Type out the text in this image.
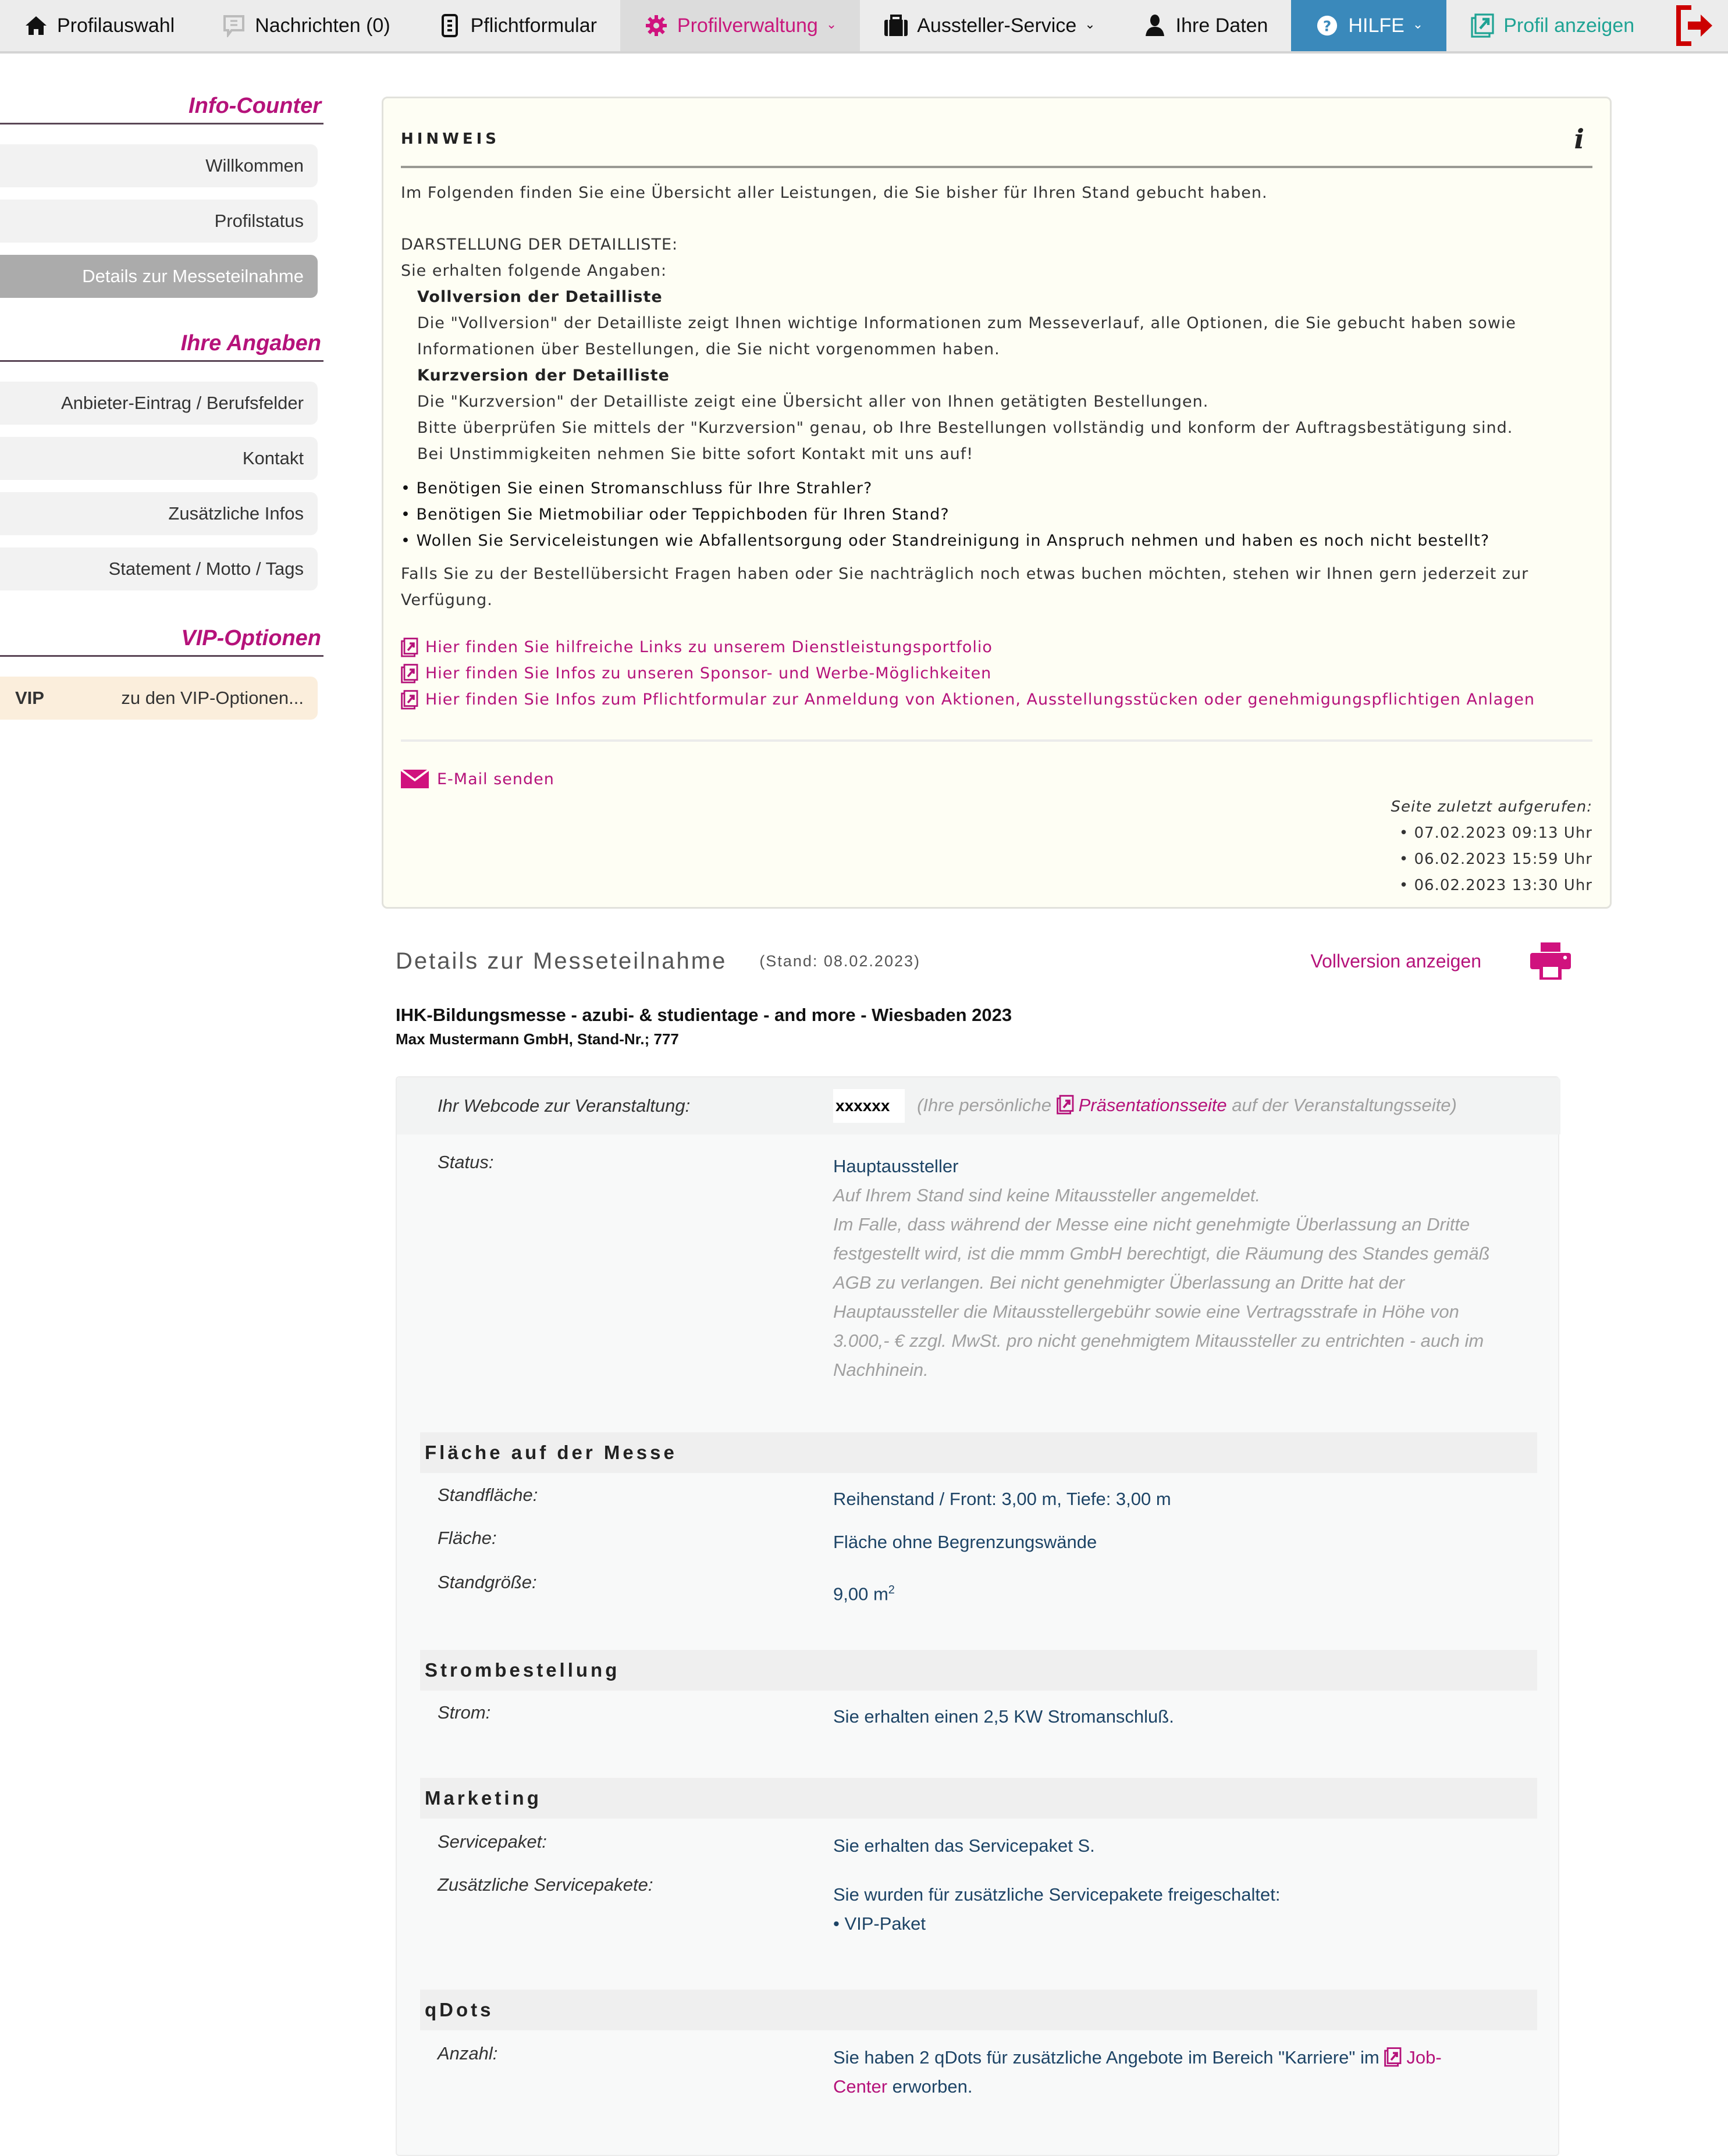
Profilauswahl	Nachrichten (0)	Pflichtformular	Profilverwaltung ⌄	Aussteller-Service ⌄	Ihre Daten	? HILFE ⌄	Profil anzeigen
Info-Counter
Willkommen
Profilstatus
Details zur Messeteilnahme
Ihre Angaben
Anbieter-Eintrag / Berufsfelder
Kontakt
Zusätzliche Infos
Statement / Motto / Tags
VIP-Optionen
VIP	zu den VIP-Optionen...
HINWEIS	i

Im Folgenden finden Sie eine Übersicht aller Leistungen, die Sie bisher für Ihren Stand gebucht haben.

DARSTELLUNG DER DETAILLISTE:

Sie erhalten folgende Angaben:

Vollversion der Detailliste

Die "Vollversion" der Detailliste zeigt Ihnen wichtige Informationen zum Messeverlauf, alle Optionen, die Sie gebucht haben sowie

Informationen über Bestellungen, die Sie nicht vorgenommen haben.

Kurzversion der Detailliste

Die "Kurzversion" der Detailliste zeigt eine Übersicht aller von Ihnen getätigten Bestellungen.

Bitte überprüfen Sie mittels der "Kurzversion" genau, ob Ihre Bestellungen vollständig und konform der Auftragsbestätigung sind.

Bei Unstimmigkeiten nehmen Sie bitte sofort Kontakt mit uns auf!

• Benötigen Sie einen Stromanschluss für Ihre Strahler?
• Benötigen Sie Mietmobiliar oder Teppichboden für Ihren Stand?
• Wollen Sie Serviceleistungen wie Abfallentsorgung oder Standreinigung in Anspruch nehmen und haben es noch nicht bestellt?

Falls Sie zu der Bestellübersicht Fragen haben oder Sie nachträglich noch etwas buchen möchten, stehen wir Ihnen gern jederzeit zur

Verfügung.

Hier finden Sie hilfreiche Links zu unserem Dienstleistungsportfolio
Hier finden Sie Infos zu unseren Sponsor- und Werbe-Möglichkeiten
Hier finden Sie Infos zum Pflichtformular zur Anmeldung von Aktionen, Ausstellungsstücken oder genehmigungspflichtigen Anlagen
E-Mail senden
Seite zuletzt aufgerufen:
• 07.02.2023 09:13 Uhr
• 06.02.2023 15:59 Uhr
• 06.02.2023 13:30 Uhr
Details zur Messeteilnahme (Stand: 08.02.2023)	Vollversion anzeigen
IHK-Bildungsmesse - azubi- & studientage - and more - Wiesbaden 2023
Max Mustermann GmbH, Stand-Nr.; 777
Ihr Webcode zur Veranstaltung:	xxxxxx (Ihre persönliche Präsentationsseite auf der Veranstaltungsseite)
Status:	Hauptaussteller
Auf Ihrem Stand sind keine Mitaussteller angemeldet.
Im Falle, dass während der Messe eine nicht genehmigte Überlassung an Dritte festgestellt wird, ist die mmm GmbH berechtigt, die Räumung des Standes gemäß AGB zu verlangen. Bei nicht genehmigter Überlassung an Dritte hat der Hauptaussteller die Mitausstellergebühr sowie eine Vertragsstrafe in Höhe von 3.000,- € zzgl. MwSt. pro nicht genehmigtem Mitaussteller zu entrichten - auch im Nachhinein.
Fläche auf der Messe
Standfläche:	Reihenstand / Front: 3,00 m, Tiefe: 3,00 m
Fläche:	Fläche ohne Begrenzungswände
Standgröße:
9,00 $m^2$
Strombestellung
Strom:	Sie erhalten einen 2,5 KW Stromanschluß.
Marketing
Servicepaket:	Sie erhalten das Servicepaket S.
Zusätzliche Servicepakete:	Sie wurden für zusätzliche Servicepakete freigeschaltet:
• VIP-Paket
qDots
Anzahl:	Sie haben 2 qDots für zusätzliche Angebote im Bereich "Karriere" im Job-Center erworben.
